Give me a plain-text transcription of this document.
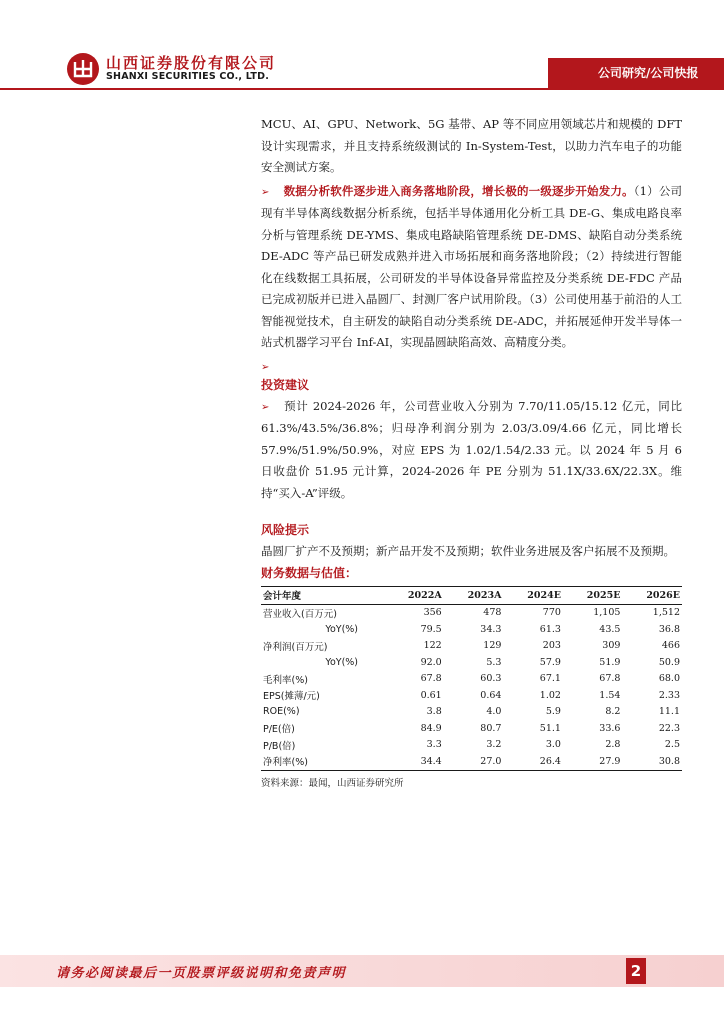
山西证券股份有限公司
SHANXI SECURITIES CO., LTD.	公司研究/公司快报

MCU、AI、GPU、Network、5G 基带、AP 等不同应用领域芯片和规模的 DFT 设计实现需求，并且支持系统级测试的 In-System-Test，以助力汽车电子的功能安全测试方案。

➢ 数据分析软件逐步进入商务落地阶段，增长极的一级逐步开始发力。（1）公司现有半导体离线数据分析系统，包括半导体通用化分析工具 DE-G、集成电路良率分析与管理系统 DE-YMS、集成电路缺陷管理系统 DE-DMS、缺陷自动分类系统 DE-ADC 等产品已研发成熟并进入市场拓展和商务落地阶段；（2）持续进行智能化在线数据工具拓展，公司研发的半导体设备异常监控及分类系统 DE-FDC 产品已完成初版并已进入晶圆厂、封测厂客户试用阶段。（3）公司使用基于前沿的人工智能视觉技术，自主研发的缺陷自动分类系统 DE-ADC，并拓展延伸开发半导体一站式机器学习平台 Inf-AI，实现晶圆缺陷高效、高精度分类。

➢

投资建议

➢ 预计 2024-2026 年，公司营业收入分别为 7.70/11.05/15.12 亿元，同比 61.3%/43.5%/36.8%；归母净利润分别为 2.03/3.09/4.66 亿元，同比增长 57.9%/51.9%/50.9%，对应 EPS 为 1.02/1.54/2.33 元。以 2024 年 5 月 6 日收盘价 51.95 元计算，2024-2026 年 PE 分别为 51.1X/33.6X/22.3X。维持“买入-A”评级。

风险提示

晶圆厂扩产不及预期；新产品开发不及预期；软件业务进展及客户拓展不及预期。

财务数据与估值：

会计年度	2022A	2023A	2024E	2025E	2026E
营业收入(百万元)	356	478	770	1,105	1,512
YoY(%)	79.5	34.3	61.3	43.5	36.8
净利润(百万元)	122	129	203	309	466
YoY(%)	92.0	5.3	57.9	51.9	50.9
毛利率(%)	67.8	60.3	67.1	67.8	68.0
EPS(摊薄/元)	0.61	0.64	1.02	1.54	2.33
ROE(%)	3.8	4.0	5.9	8.2	11.1
P/E(倍)	84.9	80.7	51.1	33.6	22.3
P/B(倍)	3.3	3.2	3.0	2.8	2.5
净利率(%)	34.4	27.0	26.4	27.9	30.8
资料来源：最闻，山西证券研究所
请务必阅读最后一页股票评级说明和免责声明	2
